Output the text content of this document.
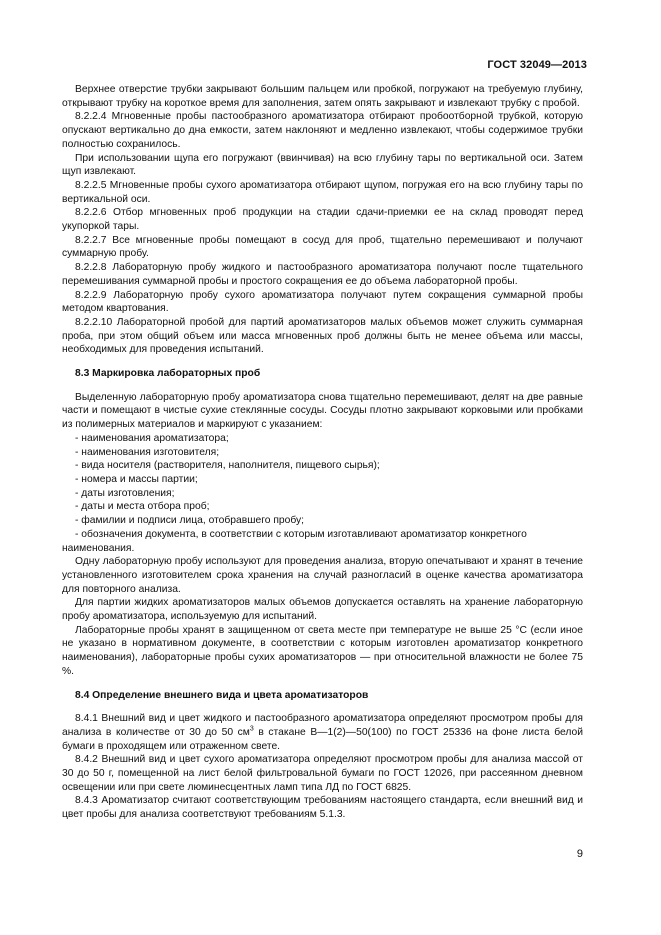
ГОСТ 32049—2013

Верхнее отверстие трубки закрывают большим пальцем или пробкой, погружают на требуемую глубину, открывают трубку на короткое время для заполнения, затем опять закрывают и извлекают трубку с пробой.

8.2.2.4 Мгновенные пробы пастообразного ароматизатора отбирают пробоотборной трубкой, которую опускают вертикально до дна емкости, затем наклоняют и медленно извлекают, чтобы содержимое трубки полностью сохранилось.

При использовании щупа его погружают (ввинчивая) на всю глубину тары по вертикальной оси. Затем щуп извлекают.

8.2.2.5 Мгновенные пробы сухого ароматизатора отбирают щупом, погружая его на всю глубину тары по вертикальной оси.

8.2.2.6 Отбор мгновенных проб продукции на стадии сдачи-приемки ее на склад проводят перед укупоркой тары.

8.2.2.7 Все мгновенные пробы помещают в сосуд для проб, тщательно перемешивают и получают суммарную пробу.

8.2.2.8 Лабораторную пробу жидкого и пастообразного ароматизатора получают после тщательного перемешивания суммарной пробы и простого сокращения ее до объема лабораторной пробы.

8.2.2.9 Лабораторную пробу сухого ароматизатора получают путем сокращения суммарной пробы методом квартования.

8.2.2.10 Лабораторной пробой для партий ароматизаторов малых объемов может служить суммарная проба, при этом общий объем или масса мгновенных проб должны быть не менее объема или массы, необходимых для проведения испытаний.

8.3 Маркировка лабораторных проб

Выделенную лабораторную пробу ароматизатора снова тщательно перемешивают, делят на две равные части и помещают в чистые сухие стеклянные сосуды. Сосуды плотно закрывают корковыми или пробками из полимерных материалов и маркируют с указанием:

- наименования ароматизатора;

- наименования изготовителя;

- вида носителя (растворителя, наполнителя, пищевого сырья);

- номера и массы партии;

- даты изготовления;

- даты и места отбора проб;

- фамилии и подписи лица, отобравшего пробу;

- обозначения документа, в соответствии с которым изготавливают ароматизатор конкретного

наименования.

Одну лабораторную пробу используют для проведения анализа, вторую опечатывают и хранят в течение установленного изготовителем срока хранения на случай разногласий в оценке качества ароматизатора для повторного анализа.

Для партии жидких ароматизаторов малых объемов допускается оставлять на хранение лабораторную пробу ароматизатора, используемую для испытаний.

Лабораторные пробы хранят в защищенном от света месте при температуре не выше 25 °С (если иное не указано в нормативном документе, в соответствии с которым изготовлен ароматизатор конкретного наименования), лабораторные пробы сухих ароматизаторов — при относительной влажности не более 75 %.

8.4 Определение внешнего вида и цвета ароматизаторов

8.4.1 Внешний вид и цвет жидкого и пастообразного ароматизатора определяют просмотром пробы для анализа в количестве от 30 до 50 $см^3$ в стакане В—1(2)—50(100) по ГОСТ 25336 на фоне листа белой бумаги в проходящем или отраженном свете.

8.4.2 Внешний вид и цвет сухого ароматизатора определяют просмотром пробы для анализа массой от 30 до 50 г, помещенной на лист белой фильтровальной бумаги по ГОСТ 12026, при рассеянном дневном освещении или при свете люминесцентных ламп типа ЛД по ГОСТ 6825.

8.4.3 Ароматизатор считают соответствующим требованиям настоящего стандарта, если внешний вид и цвет пробы для анализа соответствуют требованиям 5.1.3.

9
